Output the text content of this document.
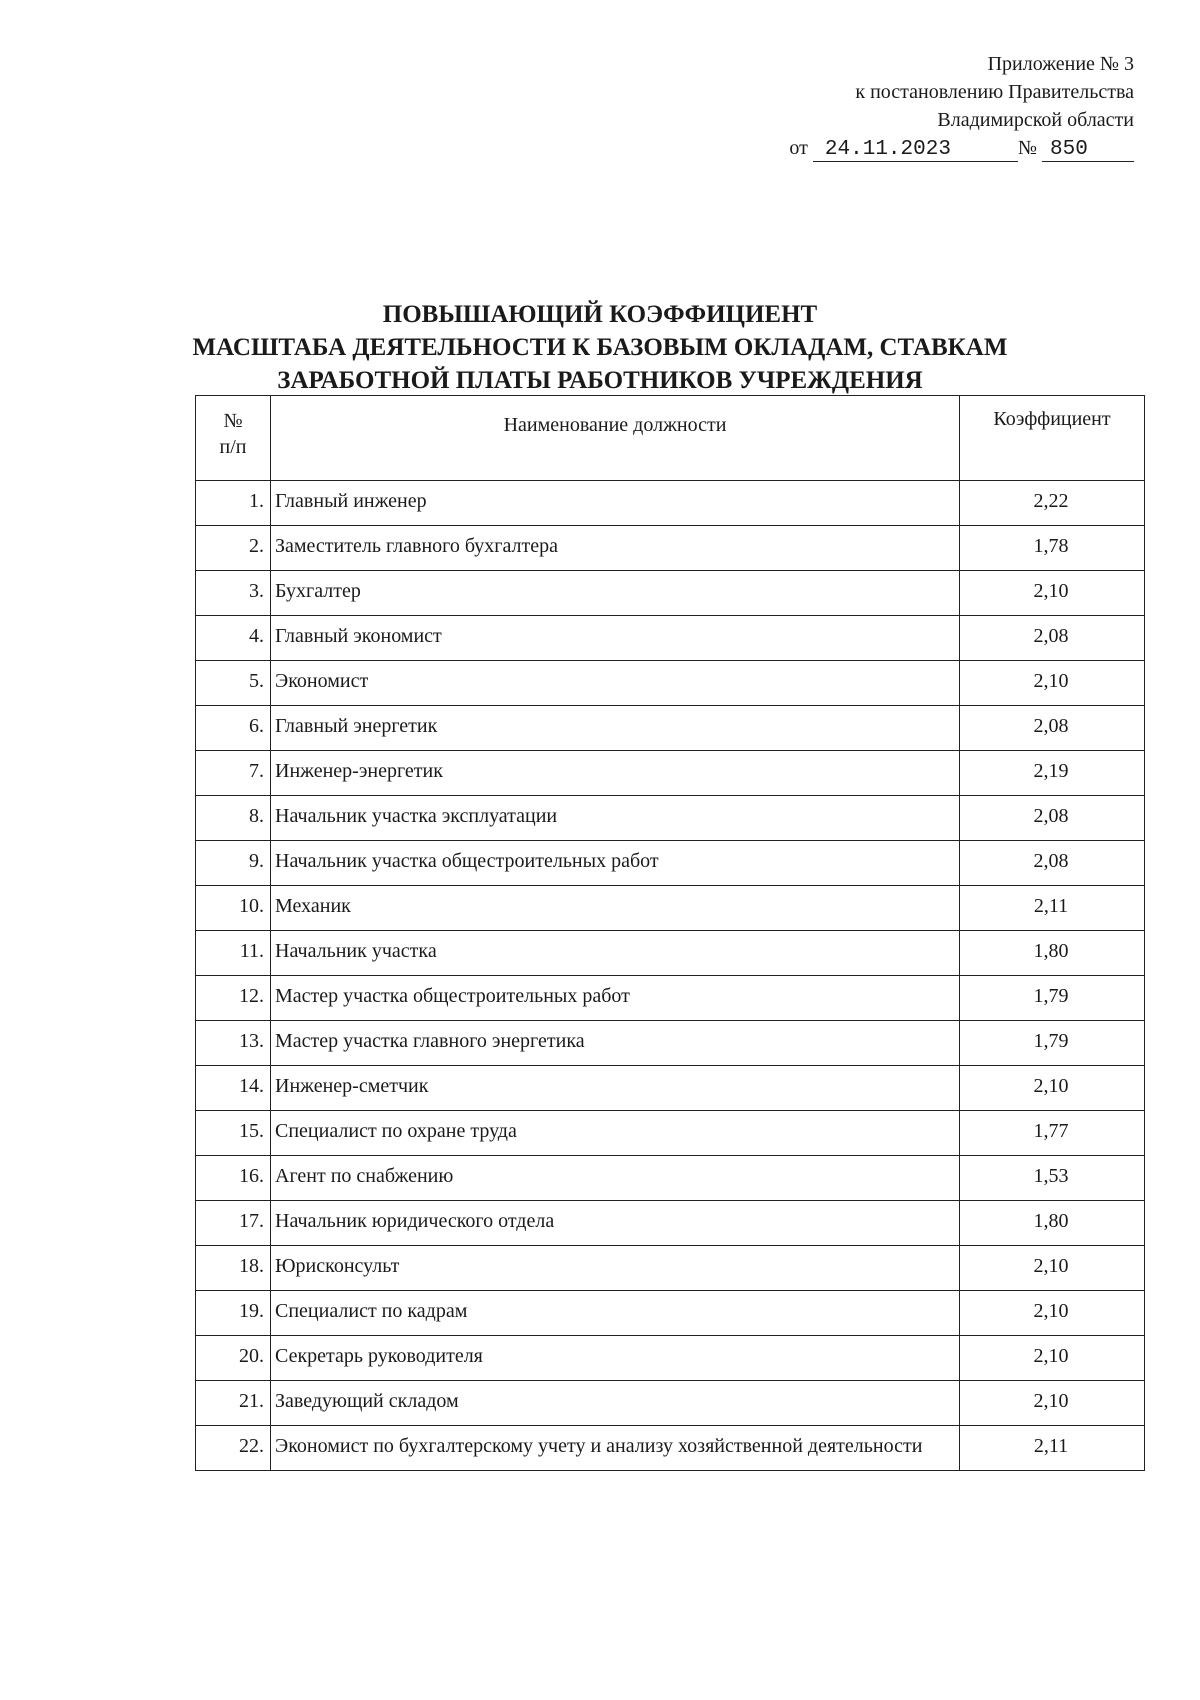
Приложение № 3
к постановлению Правительства
Владимирской области
от 24.11.2023	№ 850
ПОВЫШАЮЩИЙ КОЭФФИЦИЕНТ
МАСШТАБА ДЕЯТЕЛЬНОСТИ К БАЗОВЫМ ОКЛАДАМ, СТАВКАМ
ЗАРАБОТНОЙ ПЛАТЫ РАБОТНИКОВ УЧРЕЖДЕНИЯ
№
п/п	Наименование должности	Коэффициент
1.	Главный инженер	2,22
2.	Заместитель главного бухгалтера	1,78
3.	Бухгалтер	2,10
4.	Главный экономист	2,08
5.	Экономист	2,10
6.	Главный энергетик	2,08
7.	Инженер-энергетик	2,19
8.	Начальник участка эксплуатации	2,08
9.	Начальник участка общестроительных работ	2,08
10.	Механик	2,11
11.	Начальник участка	1,80
12.	Мастер участка общестроительных работ	1,79
13.	Мастер участка главного энергетика	1,79
14.	Инженер-сметчик	2,10
15.	Специалист по охране труда	1,77
16.	Агент по снабжению	1,53
17.	Начальник юридического отдела	1,80
18.	Юрисконсульт	2,10
19.	Специалист по кадрам	2,10
20.	Секретарь руководителя	2,10
21.	Заведующий складом	2,10
22.	Экономист по бухгалтерскому учету и анализу хозяйственной деятельности	2,11
